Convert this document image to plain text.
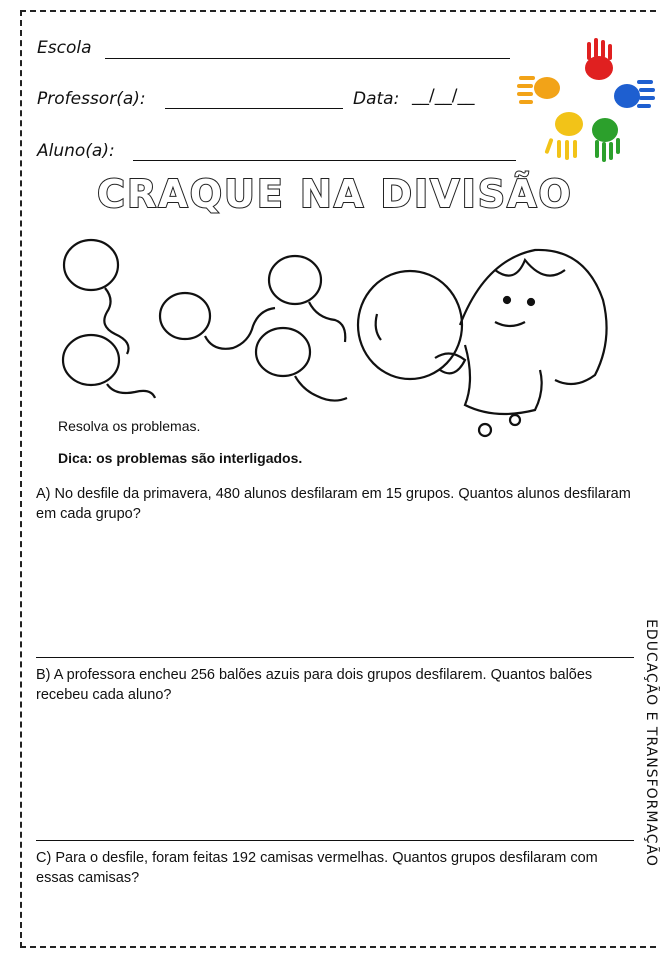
EDUCAÇÃO E TRANSFORMAÇÃO
Escola
Professor(a):	Data: __/__/__
Aluno(a):
CRAQUE NA DIVISÃO
Resolva os problemas.
Dica: os problemas são interligados.
A) No desfile da primavera, 480 alunos desfilaram em 15 grupos. Quantos alunos desfilaram em cada grupo?
B) A professora encheu 256 balões azuis para dois grupos desfilarem. Quantos balões recebeu cada aluno?
C) Para o desfile, foram feitas 192 camisas vermelhas. Quantos grupos desfilaram com essas camisas?
